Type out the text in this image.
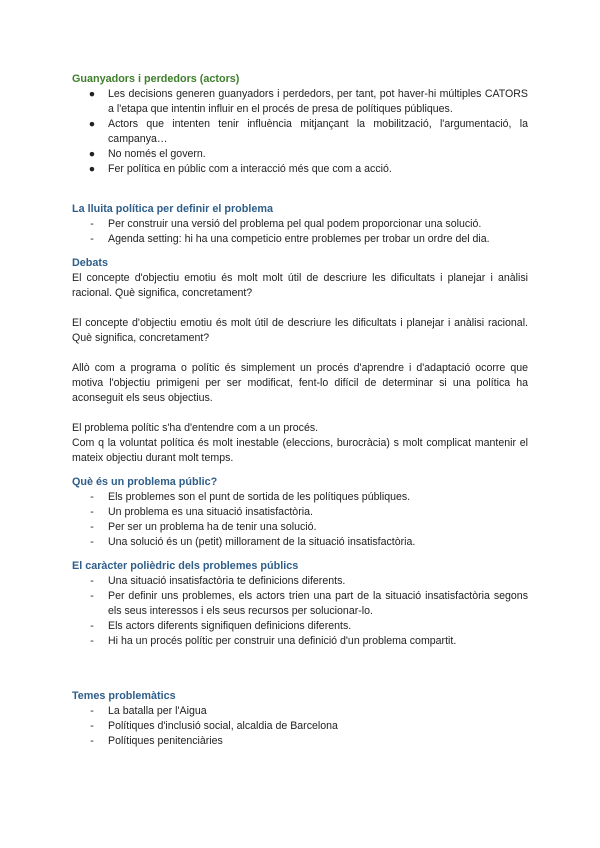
Guanyadors i perdedors (actors)

● Les decisions generen guanyadors i perdedors, per tant, pot haver-hi múltiples CATORS a l'etapa que intentin influir en el procés de presa de polítiques públiques.
● Actors que intenten tenir influència mitjançant la mobilització, l'argumentació, la campanya…
● No només el govern.
● Fer política en públic com a interacció més que com a acció.

La lluita política per definir el problema

-	Per construir una versió del problema pel qual podem proporcionar una solució.
-	Agenda setting: hi ha una competicio entre problemes per trobar un ordre del dia.

Debats

El concepte d'objectiu emotiu és molt molt útil de descriure les dificultats i planejar i anàlisi racional. Què significa, concretament?

El concepte d'objectiu emotiu és molt útil de descriure les dificultats i planejar i anàlisi racional. Què significa, concretament?

Allò com a programa o polític és simplement un procés d'aprendre i d'adaptació ocorre que motiva l'objectiu primigeni per ser modificat, fent-lo difícil de determinar si una política ha aconseguit els seus objectius.

El problema polític s'ha d'entendre com a un procés.

Com q la voluntat política és molt inestable (eleccions, burocràcia) s molt complicat mantenir el mateix objectiu durant molt temps.

Què és un problema públic?

-	Els problemes son el punt de sortida de les polítiques públiques.
-	Un problema es una situació insatisfactòria.
-	Per ser un problema ha de tenir una solució.
-	Una solució és un (petit) millorament de la situació insatisfactòria.

El caràcter polièdric dels problemes públics

-	Una situació insatisfactòria te definicions diferents.
-	Per definir uns problemes, els actors trien una part de la situació insatisfactòria segons els seus interessos i els seus recursos per solucionar-lo.
-	Els actors diferents signifiquen definicions diferents.
-	Hi ha un procés polític per construir una definició d'un problema compartit.

Temes problemàtics

-	La batalla per l'Aigua
-	Polítiques d'inclusió social, alcaldia de Barcelona
-	Polítiques penitenciàries
